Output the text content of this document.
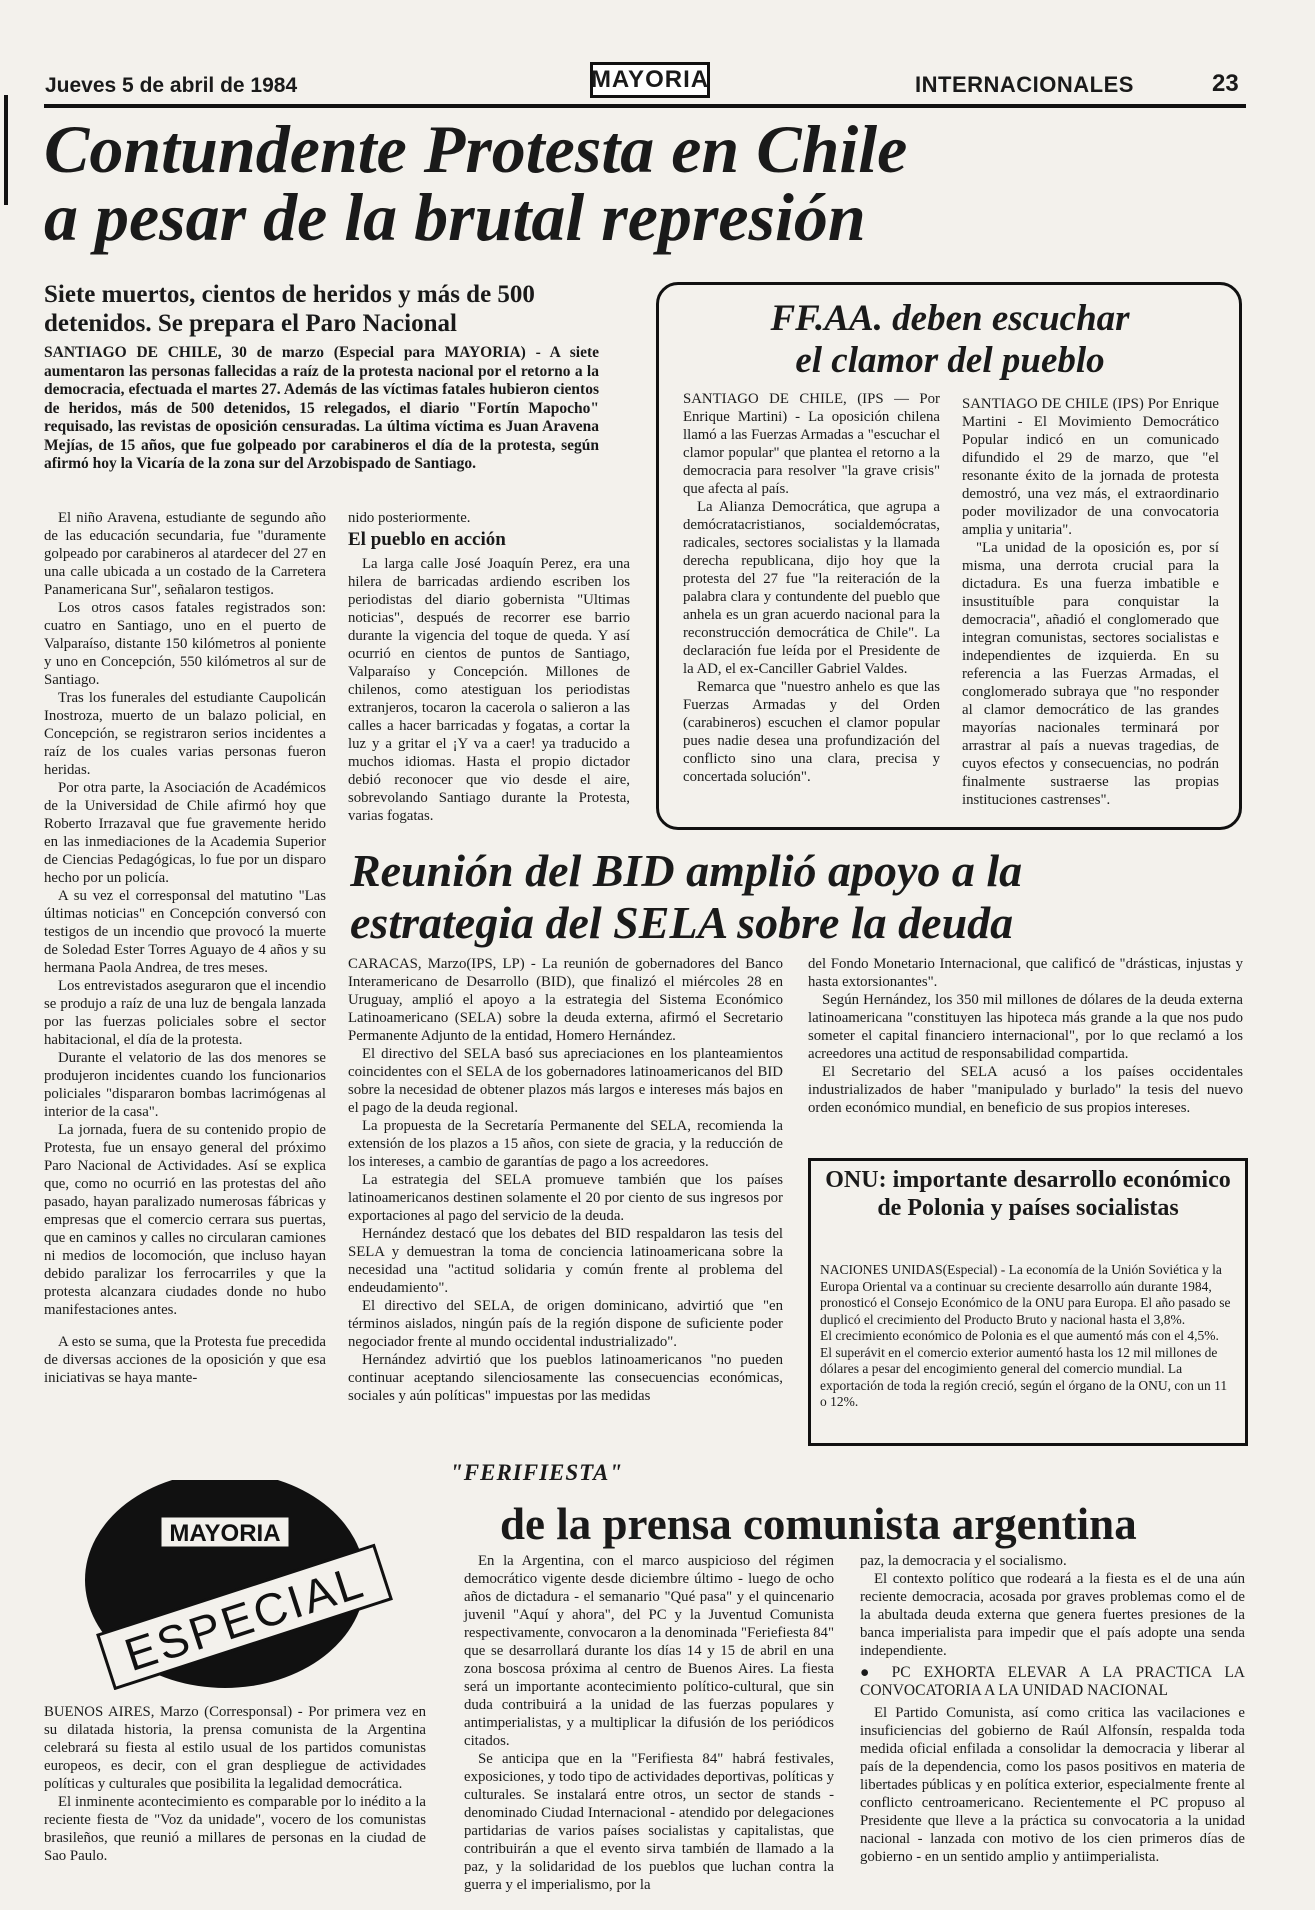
Jueves 5 de abril de 1984	MAYORIA	INTERNACIONALES	23
Contundente Protesta en Chile
a pesar de la brutal represión
Siete muertos, cientos de heridos y más de 500 detenidos. Se prepara el Paro Nacional
SANTIAGO DE CHILE, 30 de marzo (Especial para MAYORIA) - A siete aumentaron las personas fallecidas a raíz de la protesta nacional por el retorno a la democracia, efectuada el martes 27. Además de las víctimas fatales hubieron cientos de heridos, más de 500 detenidos, 15 relegados, el diario "Fortín Mapocho" requisado, las revistas de oposición censuradas. La última víctima es Juan Aravena Mejías, de 15 años, que fue golpeado por carabineros el día de la protesta, según afirmó hoy la Vicaría de la zona sur del Arzobispado de Santiago.

El niño Aravena, estudiante de segundo año de las educación secundaria, fue "duramente golpeado por carabineros al atardecer del 27 en una calle ubicada a un costado de la Carretera Panamericana Sur", señalaron testigos.

Los otros casos fatales registrados son: cuatro en Santiago, uno en el puerto de Valparaíso, distante 150 kilómetros al poniente y uno en Concepción, 550 kilómetros al sur de Santiago.

Tras los funerales del estudiante Caupolicán Inostroza, muerto de un balazo policial, en Concepción, se registraron serios incidentes a raíz de los cuales varias personas fueron heridas.

Por otra parte, la Asociación de Académicos de la Universidad de Chile afirmó hoy que Roberto Irrazaval que fue gravemente herido en las inmediaciones de la Academia Superior de Ciencias Pedagógicas, lo fue por un disparo hecho por un policía.

A su vez el corresponsal del matutino "Las últimas noticias" en Concepción conversó con testigos de un incendio que provocó la muerte de Soledad Ester Torres Aguayo de 4 años y su hermana Paola Andrea, de tres meses.

Los entrevistados aseguraron que el incendio se produjo a raíz de una luz de bengala lanzada por las fuerzas policiales sobre el sector habitacional, el día de la protesta.

Durante el velatorio de las dos menores se produjeron incidentes cuando los funcionarios policiales "dispararon bombas lacrimógenas al interior de la casa".

La jornada, fuera de su contenido propio de Protesta, fue un ensayo general del próximo Paro Nacional de Actividades. Así se explica que, como no ocurrió en las protestas del año pasado, hayan paralizado numerosas fábricas y empresas que el comercio cerrara sus puertas, que en caminos y calles no circularan camiones ni medios de locomoción, que incluso hayan debido paralizar los ferrocarriles y que la protesta alcanzara ciudades donde no hubo manifestaciones antes.

A esto se suma, que la Protesta fue precedida de diversas acciones de la oposición y que esa iniciativas se haya mante-

nido posteriormente.

El pueblo en acción

La larga calle José Joaquín Perez, era una hilera de barricadas ardiendo escriben los periodistas del diario gobernista "Ultimas noticias", después de recorrer ese barrio durante la vigencia del toque de queda. Y así ocurrió en cientos de puntos de Santiago, Valparaíso y Concepción. Millones de chilenos, como atestiguan los periodistas extranjeros, tocaron la cacerola o salieron a las calles a hacer barricadas y fogatas, a cortar la luz y a gritar el ¡Y va a caer! ya traducido a muchos idiomas. Hasta el propio dictador debió reconocer que vio desde el aire, sobrevolando Santiago durante la Protesta, varias fogatas.

FF.AA. deben escuchar
el clamor del pueblo

SANTIAGO DE CHILE, (IPS — Por Enrique Martini) - La oposición chilena llamó a las Fuerzas Armadas a "escuchar el clamor popular" que plantea el retorno a la democracia para resolver "la grave crisis" que afecta al país.

La Alianza Democrática, que agrupa a demócratacristianos, socialdemócratas, radicales, sectores socialistas y la llamada derecha republicana, dijo hoy que la protesta del 27 fue "la reiteración de la palabra clara y contundente del pueblo que anhela es un gran acuerdo nacional para la reconstrucción democrática de Chile". La declaración fue leída por el Presidente de la AD, el ex-Canciller Gabriel Valdes.

Remarca que "nuestro anhelo es que las Fuerzas Armadas y del Orden (carabineros) escuchen el clamor popular pues nadie desea una profundización del conflicto sino una clara, precisa y concertada solución".

SANTIAGO DE CHILE (IPS) Por Enrique Martini - El Movimiento Democrático Popular indicó en un comunicado difundido el 29 de marzo, que "el resonante éxito de la jornada de protesta demostró, una vez más, el extraordinario poder movilizador de una convocatoria amplia y unitaria".

"La unidad de la oposición es, por sí misma, una derrota crucial para la dictadura. Es una fuerza imbatible e insustituíble para conquistar la democracia", añadió el conglomerado que integran comunistas, sectores socialistas e independientes de izquierda. En su referencia a las Fuerzas Armadas, el conglomerado subraya que "no responder al clamor democrático de las grandes mayorías nacionales terminará por arrastrar al país a nuevas tragedias, de cuyos efectos y consecuencias, no podrán finalmente sustraerse las propias instituciones castrenses".

Reunión del BID amplió apoyo a la
estrategia del SELA sobre la deuda

CARACAS, Marzo(IPS, LP) - La reunión de gobernadores del Banco Interamericano de Desarrollo (BID), que finalizó el miércoles 28 en Uruguay, amplió el apoyo a la estrategia del Sistema Económico Latinoamericano (SELA) sobre la deuda externa, afirmó el Secretario Permanente Adjunto de la entidad, Homero Hernández.

El directivo del SELA basó sus apreciaciones en los planteamientos coincidentes con el SELA de los gobernadores latinoamericanos del BID sobre la necesidad de obtener plazos más largos e intereses más bajos en el pago de la deuda regional.

La propuesta de la Secretaría Permanente del SELA, recomienda la extensión de los plazos a 15 años, con siete de gracia, y la reducción de los intereses, a cambio de garantías de pago a los acreedores.

La estrategia del SELA promueve también que los países latinoamericanos destinen solamente el 20 por ciento de sus ingresos por exportaciones al pago del servicio de la deuda.

Hernández destacó que los debates del BID respaldaron las tesis del SELA y demuestran la toma de conciencia latinoamericana sobre la necesidad una "actitud solidaria y común frente al problema del endeudamiento".

El directivo del SELA, de origen dominicano, advirtió que "en términos aislados, ningún país de la región dispone de suficiente poder negociador frente al mundo occidental industrializado".

Hernández advirtió que los pueblos latinoamericanos "no pueden continuar aceptando silenciosamente las consecuencias económicas, sociales y aún políticas" impuestas por las medidas

del Fondo Monetario Internacional, que calificó de "drásticas, injustas y hasta extorsionantes".

Según Hernández, los 350 mil millones de dólares de la deuda externa latinoamericana "constituyen las hipoteca más grande a la que nos pudo someter el capital financiero internacional", por lo que reclamó a los acreedores una actitud de responsabilidad compartida.

El Secretario del SELA acusó a los países occidentales industrializados de haber "manipulado y burlado" la tesis del nuevo orden económico mundial, en beneficio de sus propios intereses.

ONU: importante desarrollo económico de Polonia y países socialistas

NACIONES UNIDAS(Especial) - La economía de la Unión Soviética y la Europa Oriental va a continuar su creciente desarrollo aún durante 1984, pronosticó el Consejo Económico de la ONU para Europa. El año pasado se duplicó el crecimiento del Producto Bruto y nacional hasta el 3,8%.

El crecimiento económico de Polonia es el que aumentó más con el 4,5%. El superávit en el comercio exterior aumentó hasta los 12 mil millones de dólares a pesar del encogimiento general del comercio mundial. La exportación de toda la región creció, según el órgano de la ONU, con un 11 o 12%.

"FERIFIESTA"
de la prensa comunista argentina
MAYORIA
ESPECIAL

BUENOS AIRES, Marzo (Corresponsal) - Por primera vez en su dilatada historia, la prensa comunista de la Argentina celebrará su fiesta al estilo usual de los partidos comunistas europeos, es decir, con el gran despliegue de actividades políticas y culturales que posibilita la legalidad democrática.

El inminente acontecimiento es comparable por lo inédito a la reciente fiesta de "Voz da unidade", vocero de los comunistas brasileños, que reunió a millares de personas en la ciudad de Sao Paulo.

En la Argentina, con el marco auspicioso del régimen democrático vigente desde diciembre último - luego de ocho años de dictadura - el semanario "Qué pasa" y el quincenario juvenil "Aquí y ahora", del PC y la Juventud Comunista respectivamente, convocaron a la denominada "Feriefiesta 84" que se desarrollará durante los días 14 y 15 de abril en una zona boscosa próxima al centro de Buenos Aires. La fiesta será un importante acontecimiento político-cultural, que sin duda contribuirá a la unidad de las fuerzas populares y antimperialistas, y a multiplicar la difusión de los periódicos citados.

Se anticipa que en la "Ferifiesta 84" habrá festivales, exposiciones, y todo tipo de actividades deportivas, políticas y culturales. Se instalará entre otros, un sector de stands - denominado Ciudad Internacional - atendido por delegaciones partidarias de varios países socialistas y capitalistas, que contribuirán a que el evento sirva también de llamado a la paz, y la solidaridad de los pueblos que luchan contra la guerra y el imperialismo, por la

paz, la democracia y el socialismo.

El contexto político que rodeará a la fiesta es el de una aún reciente democracia, acosada por graves problemas como el de la abultada deuda externa que genera fuertes presiones de la banca imperialista para impedir que el país adopte una senda independiente.

● PC EXHORTA ELEVAR A LA PRACTICA LA CONVOCATORIA A LA UNIDAD NACIONAL

El Partido Comunista, así como critica las vacilaciones e insuficiencias del gobierno de Raúl Alfonsín, respalda toda medida oficial enfilada a consolidar la democracia y liberar al país de la dependencia, como los pasos positivos en materia de libertades públicas y en política exterior, especialmente frente al conflicto centroamericano. Recientemente el PC propuso al Presidente que lleve a la práctica su convocatoria a la unidad nacional - lanzada con motivo de los cien primeros días de gobierno - en un sentido amplio y antiimperialista.
